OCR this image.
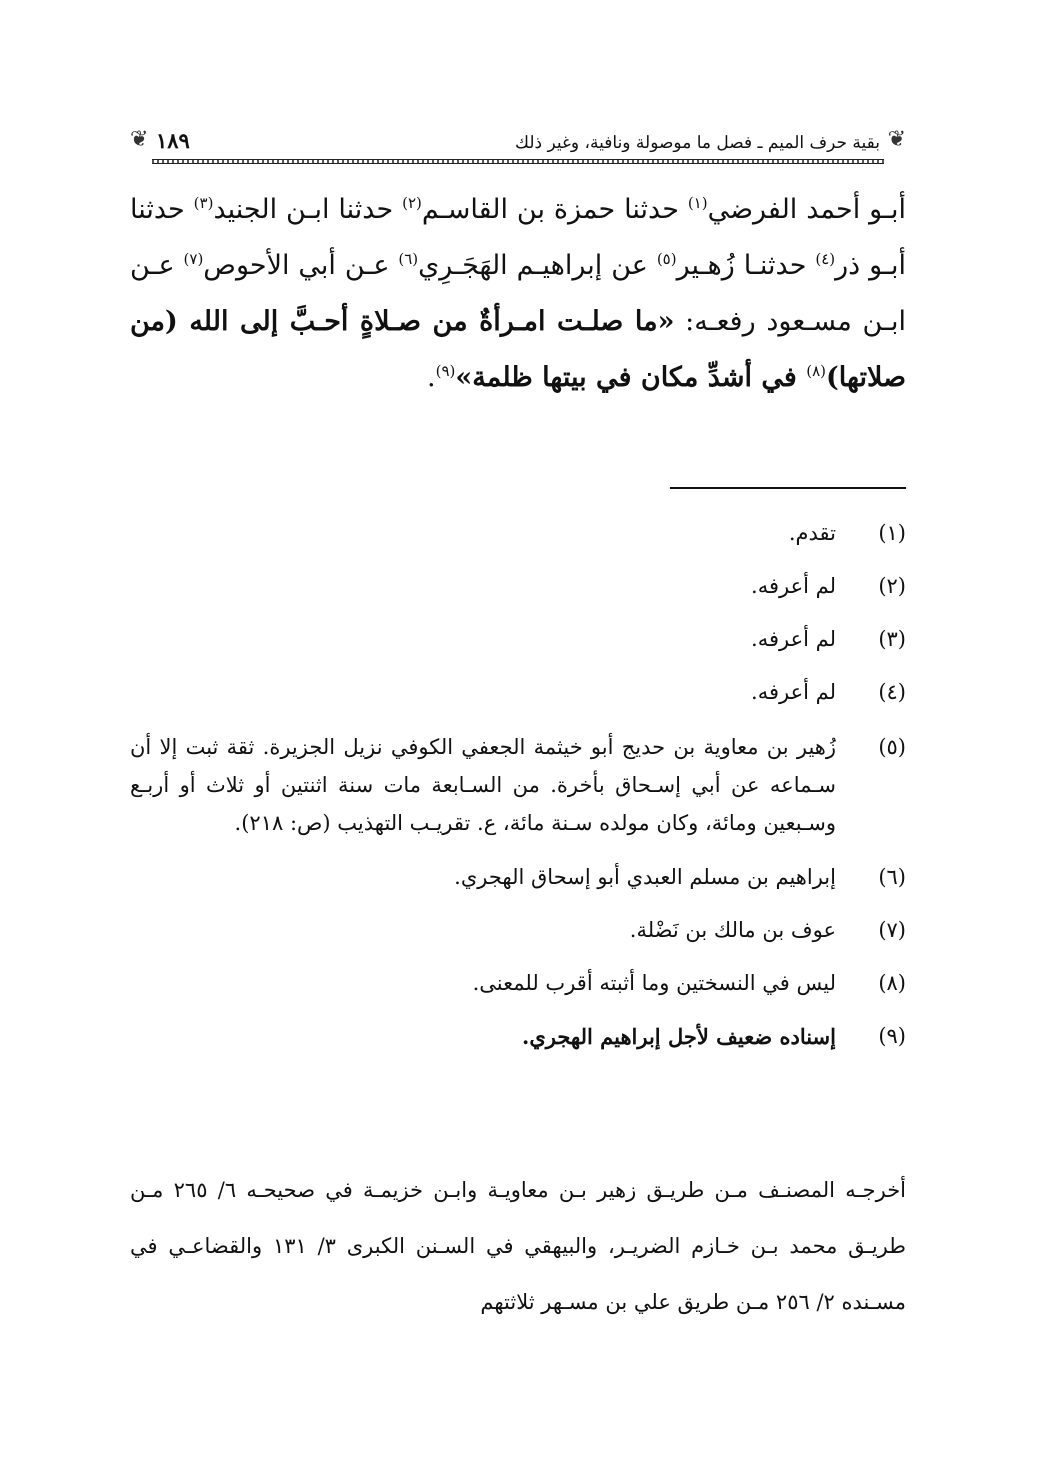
❦
بقية حرف الميم ـ فصل ما موصولة ونافية، وغير ذلك
١٨٩
❦
أبـو أحمد الفرضي$^{(١)}$ حدثنا حمزة بن القاسـم$^{(٢)}$ حدثنا ابـن الجنيد$^{(٣)}$ حدثنا أبـو ذر$^{(٤)}$ حدثنـا زُهـير$^{(٥)}$ عن إبراهيـم الهَجَـرِي$^{(٦)}$ عـن أبي الأحوص$^{(٧)}$ عـن ابـن مسـعود رفعـه: «ما صلـت امـرأةٌ من صـلاةٍ أحـبَّ إلى الله (من صلاتها)$^{(٨)}$ في أشدِّ مكان في بيتها ظلمة»$^{(٩)}$.
(١)
تقدم.
(٢)
لم أعرفه.
(٣)
لم أعرفه.
(٤)
لم أعرفه.
(٥)
زُهير بن معاوية بن حديج أبو خيثمة الجعفي الكوفي نزيل الجزيرة. ثقة ثبت إلا أن سـماعه عن أبي إسـحاق بأخرة. من السـابعة مات سنة اثنتين أو ثلاث أو أربـع وسـبعين ومائة، وكان مولده سـنة مائة، ع. تقريـب التهذيب (ص: ٢١٨).
(٦)
إبراهيم بن مسلم العبدي أبو إسحاق الهجري.
(٧)
عوف بن مالك بن نَضْلة.
(٨)
ليس في النسختين وما أثبته أقرب للمعنى.
(٩)
إسناده ضعيف لأجل إبراهيم الهجري.
أخرجـه المصنـف مـن طريـق زهير بـن معاويـة وابـن خزيمـة في صحيحـه ٦/ ٢٦٥ مـن طريـق محمد بـن خـازم الضريـر، والبيهقي في السـنن الكبرى ٣/ ١٣١ والقضاعـي في مسـنده ٢/ ٢٥٦ مـن طريق علي بن مسـهر ثلاثتهم
